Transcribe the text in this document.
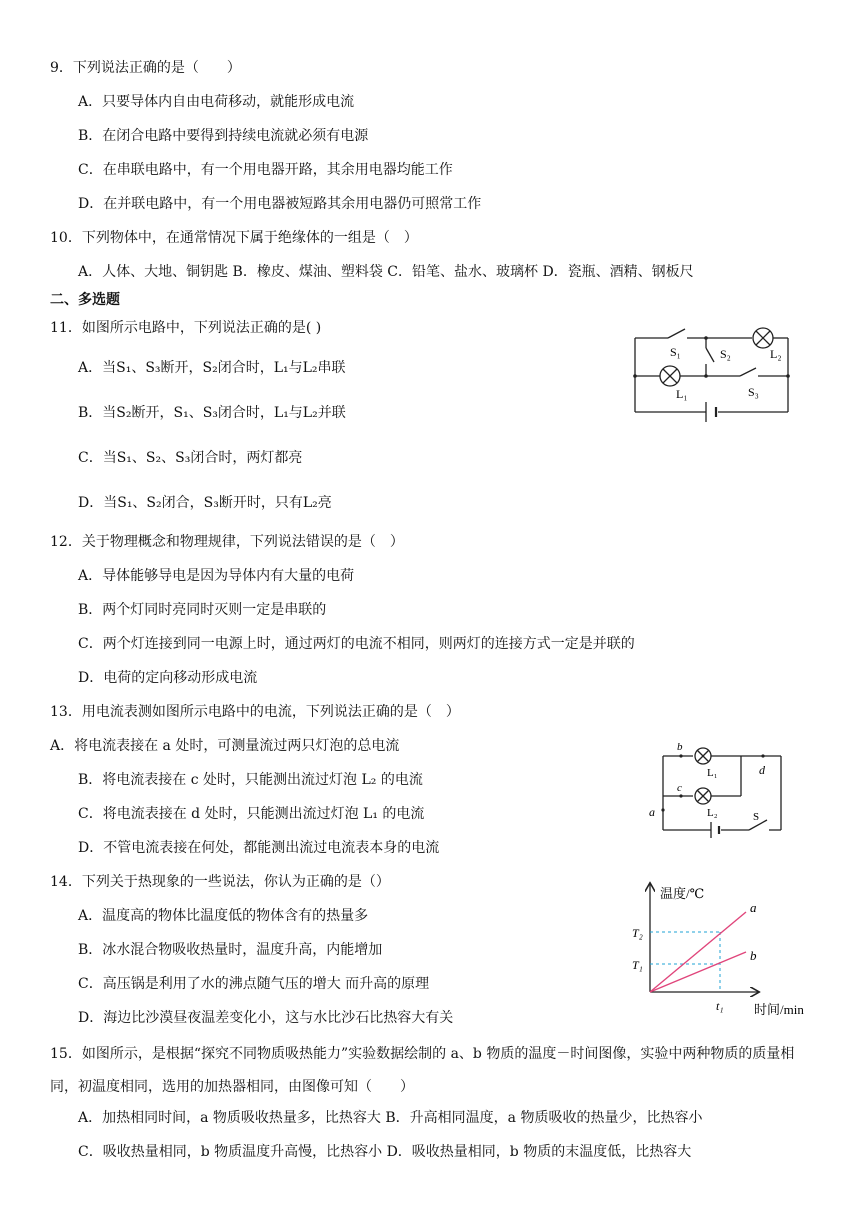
9．下列说法正确的是（　　）
A．只要导体内自由电荷移动，就能形成电流
B．在闭合电路中要得到持续电流就必须有电源
C．在串联电路中，有一个用电器开路，其余用电器均能工作
D．在并联电路中，有一个用电器被短路其余用电器仍可照常工作
10．下列物体中，在通常情况下属于绝缘体的一组是（　）
A．人体、大地、铜钥匙 B．橡皮、煤油、塑料袋 C．铅笔、盐水、玻璃杯 D．瓷瓶、酒精、钢板尺
二、多选题
11．如图所示电路中，下列说法正确的是( )
A．当S₁、S₃断开，S₂闭合时，L₁与L₂串联
B．当S₂断开，S₁、S₃闭合时，L₁与L₂并联
C．当S₁、S₂、S₃闭合时，两灯都亮
D．当S₁、S₂闭合，S₃断开时，只有L₂亮
S₁	S₂	L₂
L₁	S₃
12．关于物理概念和物理规律，下列说法错误的是（　）
A．导体能够导电是因为导体内有大量的电荷
B．两个灯同时亮同时灭则一定是串联的
C．两个灯连接到同一电源上时，通过两灯的电流不相同，则两灯的连接方式一定是并联的
D．电荷的定向移动形成电流
13．用电流表测如图所示电路中的电流，下列说法正确的是（　）
A．将电流表接在 a 处时，可测量流过两只灯泡的总电流
B．将电流表接在 c 处时，只能测出流过灯泡 L₂ 的电流
C．将电流表接在 d 处时，只能测出流过灯泡 L₁ 的电流
D．不管电流表接在何处，都能测出流过电流表本身的电流
b
c
d
a
L₁
L₂	S
14．下列关于热现象的一些说法，你认为正确的是（）
A．温度高的物体比温度低的物体含有的热量多
B．冰水混合物吸收热量时，温度升高，内能增加
C．高压锅是利用了水的沸点随气压的增大 而升高的原理
D．海边比沙漠昼夜温差变化小，这与水比沙石比热容大有关
温度/℃
时间/min
T₂
T₁
t₁
a
b
15．如图所示，是根据“探究不同物质吸热能力”实验数据绘制的 a、b 物质的温度－时间图像，实验中两种物质的质量相同，初温度相同，选用的加热器相同，由图像可知（　　）
A．加热相同时间，a 物质吸收热量多，比热容大 B．升高相同温度，a 物质吸收的热量少，比热容小
C．吸收热量相同，b 物质温度升高慢，比热容小 D．吸收热量相同，b 物质的末温度低，比热容大
